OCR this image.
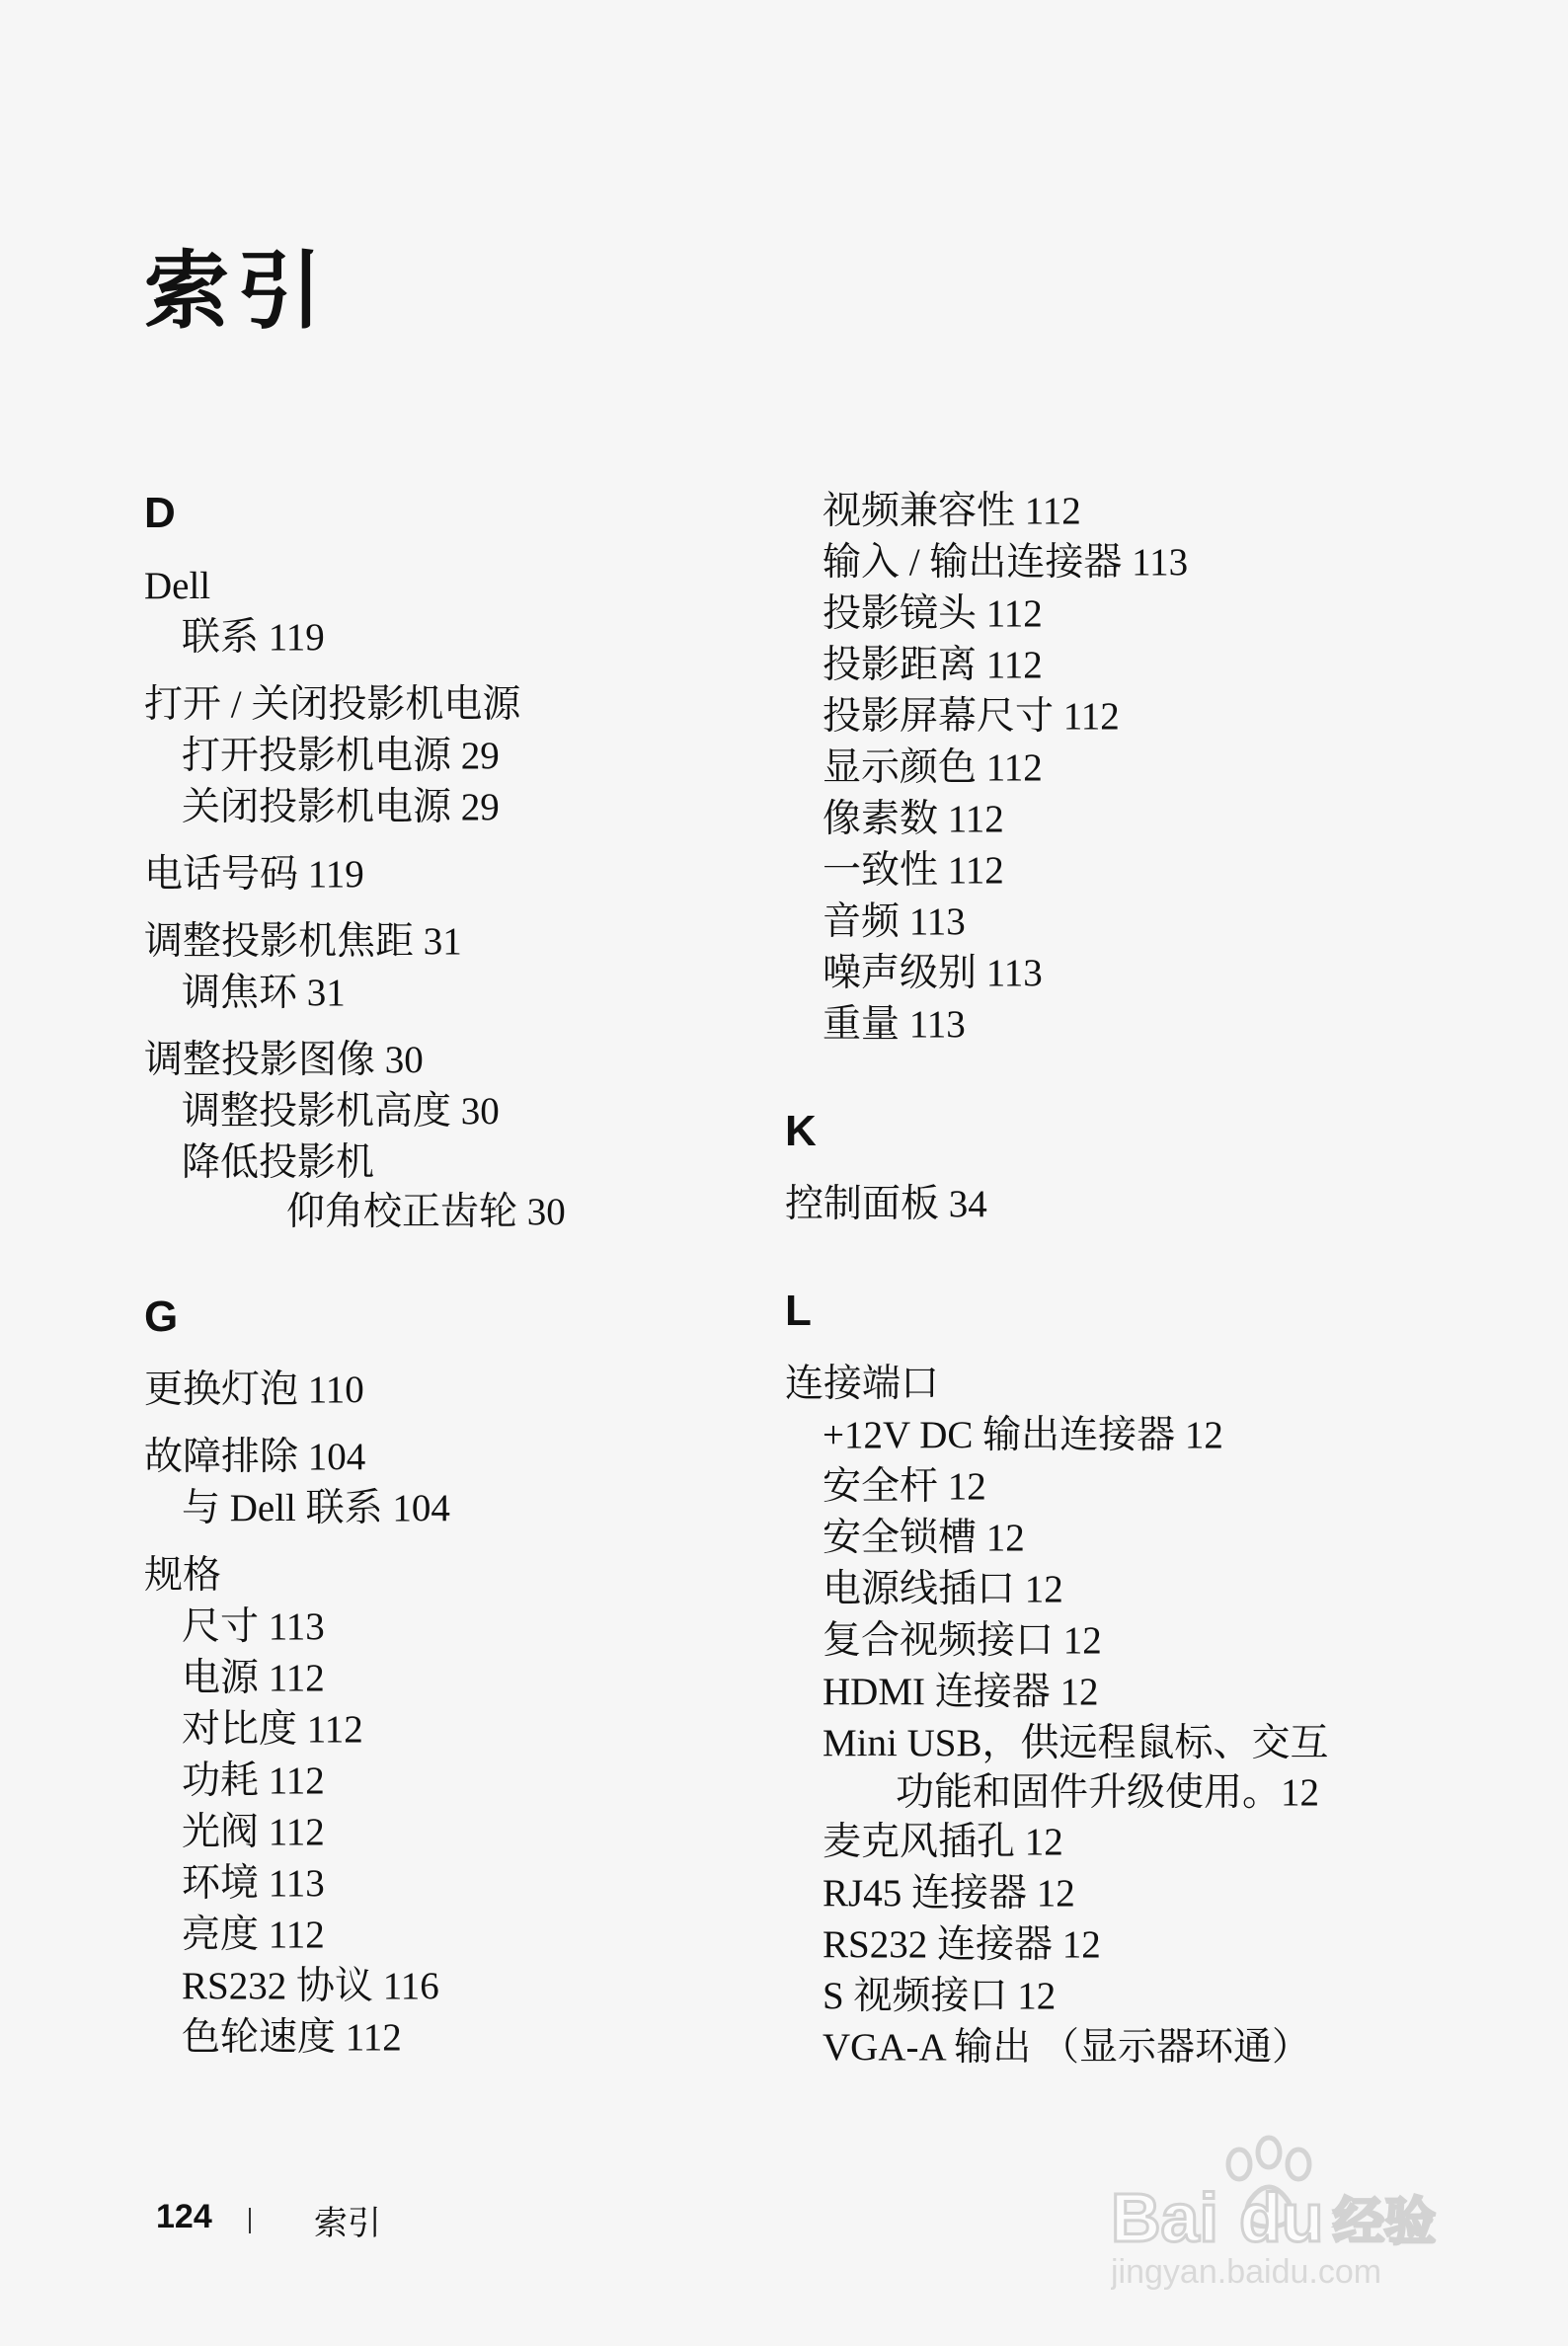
索引
D
Dell
联系 119
打开 / 关闭投影机电源
打开投影机电源 29
关闭投影机电源 29
电话号码 119
调整投影机焦距 31
调焦环 31
调整投影图像 30
调整投影机高度 30
降低投影机
仰角校正齿轮 30
G
更换灯泡 110
故障排除 104
与 Dell 联系 104
规格
尺寸 113
电源 112
对比度 112
功耗 112
光阀 112
环境 113
亮度 112
RS232 协议 116
色轮速度 112
视频兼容性 112
输入 / 输出连接器 113
投影镜头 112
投影距离 112
投影屏幕尺寸 112
显示颜色 112
像素数 112
一致性 112
音频 113
噪声级别 113
重量 113
K
控制面板 34
L
连接端口
+12V DC 输出连接器 12
安全杆 12
安全锁槽 12
电源线插口 12
复合视频接口 12
HDMI 连接器 12
Mini USB，供远程鼠标、交互
功能和固件升级使用。12
麦克风插孔 12
RJ45 连接器 12
RS232 连接器 12
S 视频接口 12
VGA-A 输出 （显示器环通）
124	索引	Bai du 经验
jingyan.baidu.com
